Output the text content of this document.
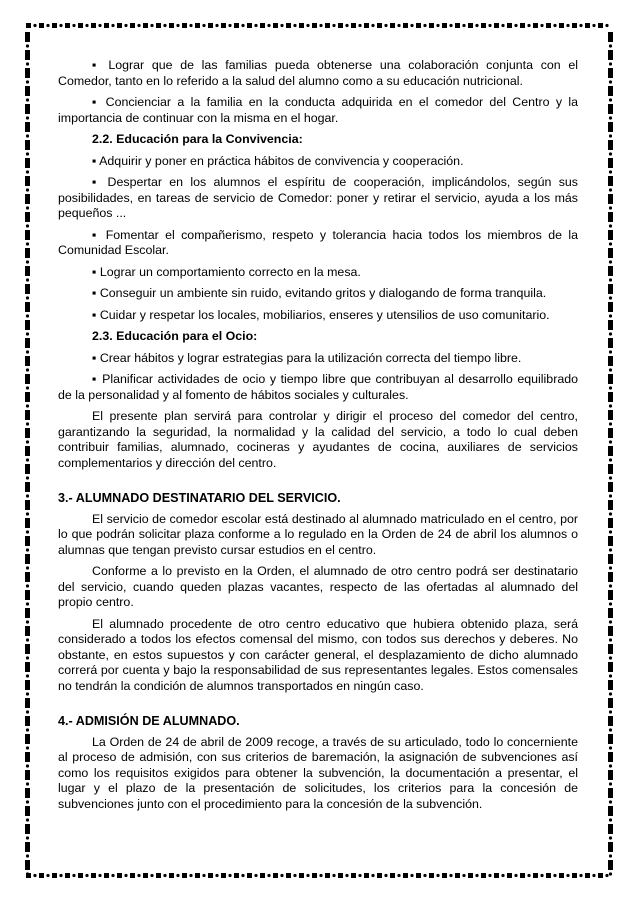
▪ Lograr que de las familias pueda obtenerse una colaboración conjunta con el Comedor, tanto en lo referido a la salud del alumno como a su educación nutricional.

▪ Concienciar a la familia en la conducta adquirida en el comedor del Centro y la importancia de continuar con la misma en el hogar.

2.2. Educación para la Convivencia:

▪ Adquirir y poner en práctica hábitos de convivencia y cooperación.

▪ Despertar en los alumnos el espíritu de cooperación, implicándolos, según sus posibilidades, en tareas de servicio de Comedor: poner y retirar el servicio, ayuda a los más pequeños ...

▪ Fomentar el compañerismo, respeto y tolerancia hacia todos los miembros de la Comunidad Escolar.

▪ Lograr un comportamiento correcto en la mesa.

▪ Conseguir un ambiente sin ruido, evitando gritos y dialogando de forma tranquila.

▪ Cuidar y respetar los locales, mobiliarios, enseres y utensilios de uso comunitario.

2.3. Educación para el Ocio:

▪ Crear hábitos y lograr estrategias para la utilización correcta del tiempo libre.

▪ Planificar actividades de ocio y tiempo libre que contribuyan al desarrollo equilibrado de la personalidad y al fomento de hábitos sociales y culturales.

El presente plan servirá para controlar y dirigir el proceso del comedor del centro, garantizando la seguridad, la normalidad y la calidad del servicio, a todo lo cual deben contribuir familias, alumnado, cocineras y ayudantes de cocina, auxiliares de servicios complementarios y dirección del centro.

3.- ALUMNADO DESTINATARIO DEL SERVICIO.

El servicio de comedor escolar está destinado al alumnado matriculado en el centro, por lo que podrán solicitar plaza conforme a lo regulado en la Orden de 24 de abril los alumnos o alumnas que tengan previsto cursar estudios en el centro.

Conforme a lo previsto en la Orden, el alumnado de otro centro podrá ser destinatario del servicio, cuando queden plazas vacantes, respecto de las ofertadas al alumnado del propio centro.

El alumnado procedente de otro centro educativo que hubiera obtenido plaza, será considerado a todos los efectos comensal del mismo, con todos sus derechos y deberes. No obstante, en estos supuestos y con carácter general, el desplazamiento de dicho alumnado correrá por cuenta y bajo la responsabilidad de sus representantes legales. Estos comensales no tendrán la condición de alumnos transportados en ningún caso.

4.- ADMISIÓN DE ALUMNADO.

La Orden de 24 de abril de 2009 recoge, a través de su articulado, todo lo concerniente al proceso de admisión, con sus criterios de baremación, la asignación de subvenciones así como los requisitos exigidos para obtener la subvención, la documentación a presentar, el lugar y el plazo de la presentación de solicitudes, los criterios para la concesión de subvenciones junto con el procedimiento para la concesión de la subvención.
